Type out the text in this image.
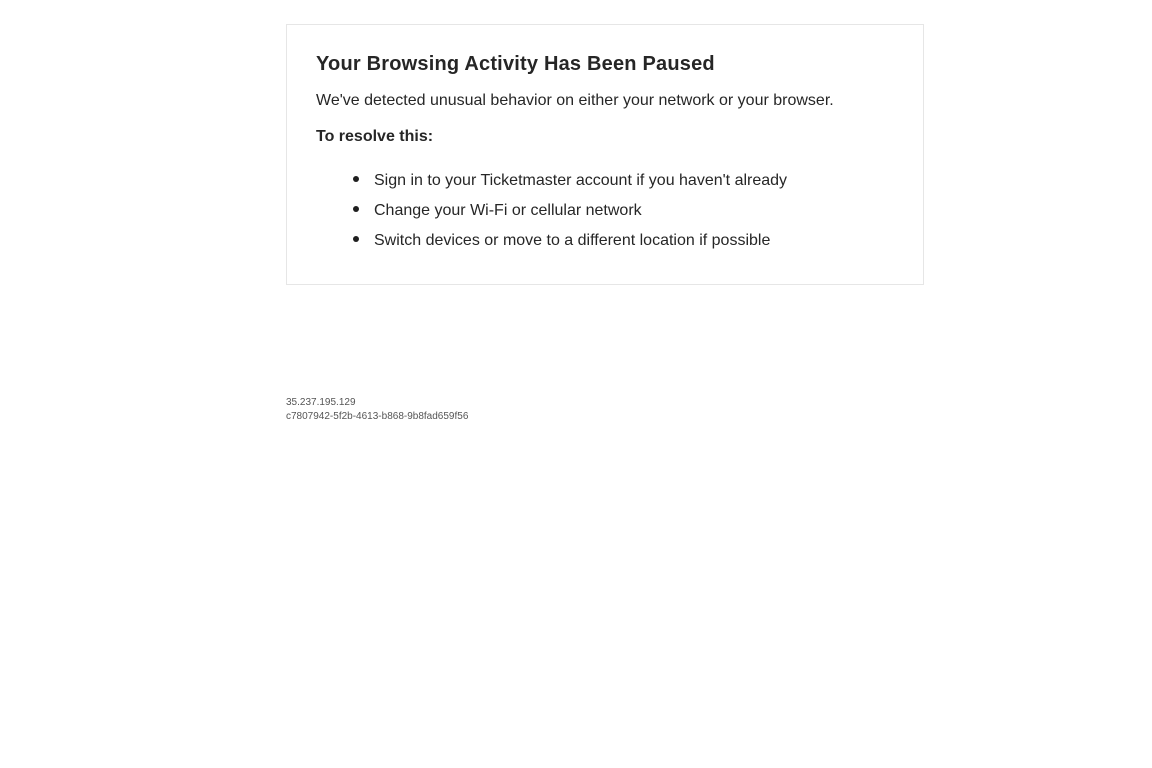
Your Browsing Activity Has Been Paused

We've detected unusual behavior on either your network or your browser.

To resolve this:

Sign in to your Ticketmaster account if you haven't already
Change your Wi-Fi or cellular network
Switch devices or move to a different location if possible
35.237.195.129
c7807942-5f2b-4613-b868-9b8fad659f56
